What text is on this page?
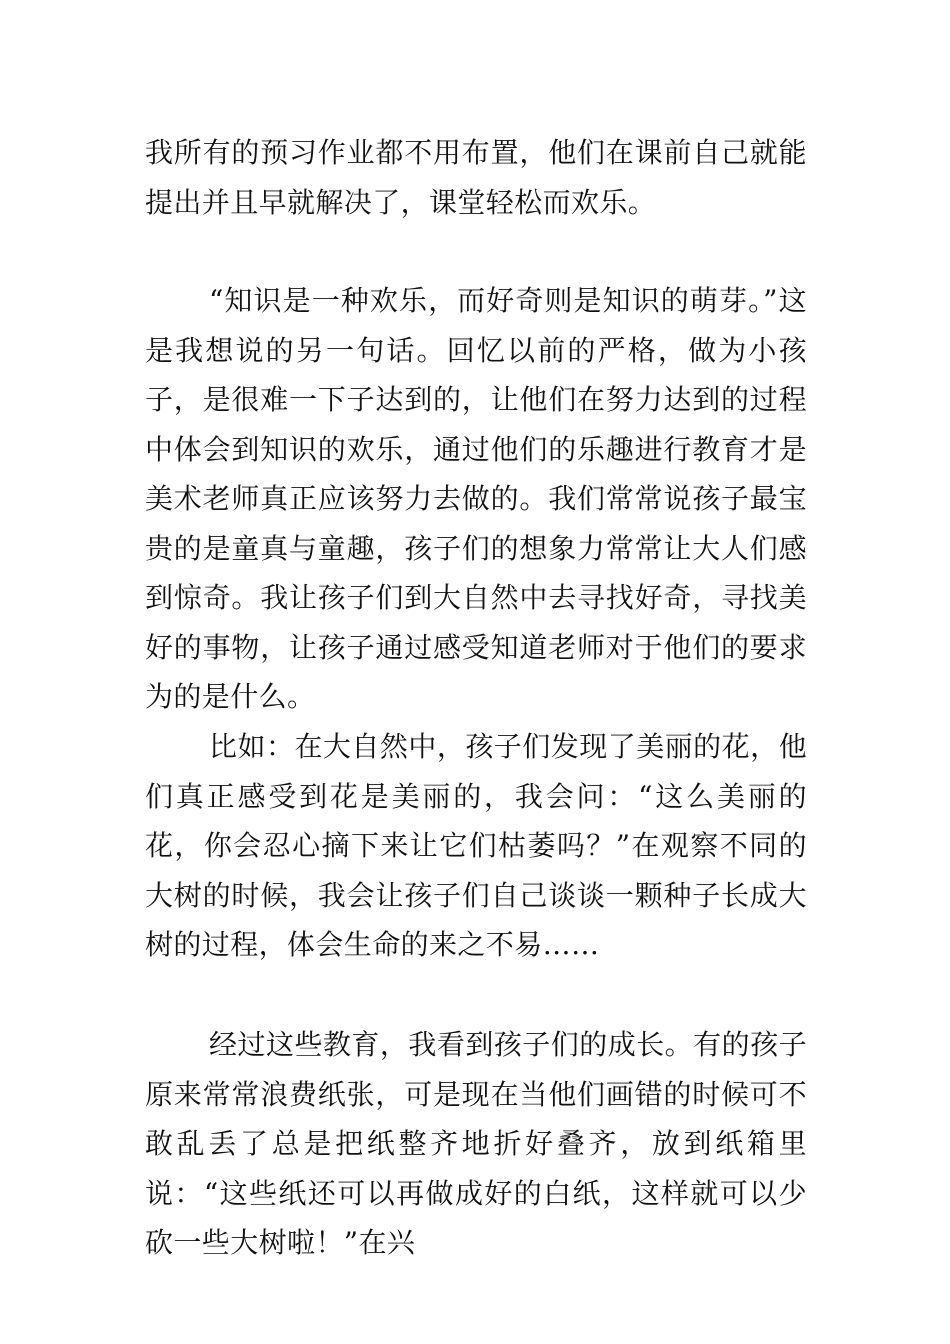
我所有的预习作业都不用布置，他们在课前自己就能提出并且早就解决了，课堂轻松而欢乐。

“知识是一种欢乐，而好奇则是知识的萌芽。”这是我想说的另一句话。回忆以前的严格，做为小孩子，是很难一下子达到的，让他们在努力达到的过程中体会到知识的欢乐，通过他们的乐趣进行教育才是美术老师真正应该努力去做的。我们常常说孩子最宝贵的是童真与童趣，孩子们的想象力常常让大人们感到惊奇。我让孩子们到大自然中去寻找好奇，寻找美好的事物，让孩子通过感受知道老师对于他们的要求为的是什么。

比如：在大自然中，孩子们发现了美丽的花，他们真正感受到花是美丽的，我会问：“这么美丽的花，你会忍心摘下来让它们枯萎吗？”在观察不同的大树的时候，我会让孩子们自己谈谈一颗种子长成大树的过程，体会生命的来之不易……

经过这些教育，我看到孩子们的成长。有的孩子原来常常浪费纸张，可是现在当他们画错的时候可不敢乱丢了总是把纸整齐地折好叠齐，放到纸箱里说：“这些纸还可以再做成好的白纸，这样就可以少砍一些大树啦！”在兴
